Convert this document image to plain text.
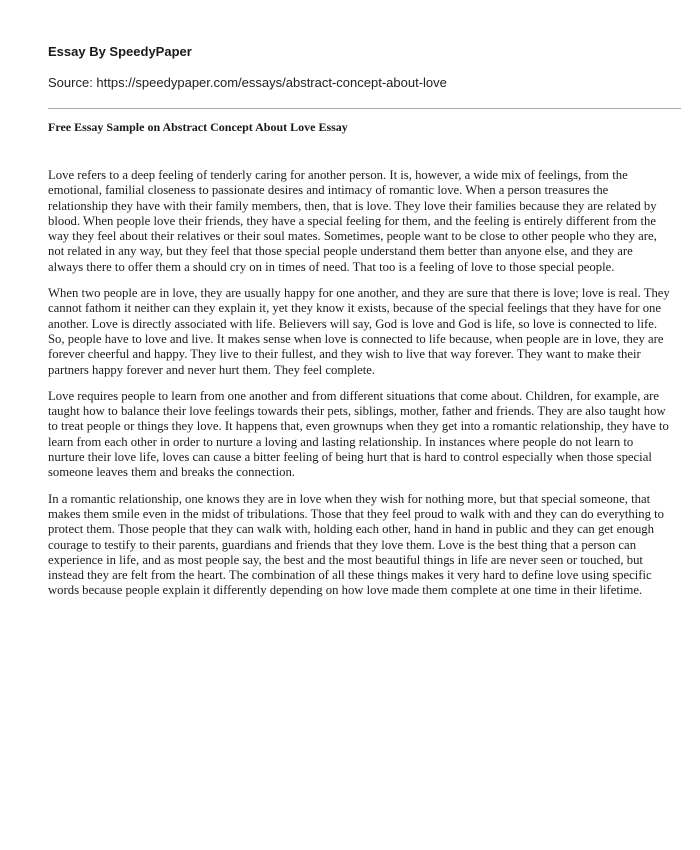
Essay By SpeedyPaper
Source: https://speedypaper.com/essays/abstract-concept-about-love
Free Essay Sample on Abstract Concept About Love Essay

Love refers to a deep feeling of tenderly caring for another person. It is, however, a wide mix of feelings, from the emotional, familial closeness to passionate desires and intimacy of romantic love. When a person treasures the relationship they have with their family members, then, that is love. They love their families because they are related by blood. When people love their friends, they have a special feeling for them, and the feeling is entirely different from the way they feel about their relatives or their soul mates. Sometimes, people want to be close to other people who they are, not related in any way, but they feel that those special people understand them better than anyone else, and they are always there to offer them a should cry on in times of need. That too is a feeling of love to those special people.

When two people are in love, they are usually happy for one another, and they are sure that there is love; love is real. They cannot fathom it neither can they explain it, yet they know it exists, because of the special feelings that they have for one another. Love is directly associated with life. Believers will say, God is love and God is life, so love is connected to life. So, people have to love and live. It makes sense when love is connected to life because, when people are in love, they are forever cheerful and happy. They live to their fullest, and they wish to live that way forever. They want to make their partners happy forever and never hurt them. They feel complete.

Love requires people to learn from one another and from different situations that come about. Children, for example, are taught how to balance their love feelings towards their pets, siblings, mother, father and friends. They are also taught how to treat people or things they love. It happens that, even grownups when they get into a romantic relationship, they have to learn from each other in order to nurture a loving and lasting relationship. In instances where people do not learn to nurture their love life, loves can cause a bitter feeling of being hurt that is hard to control especially when those special someone leaves them and breaks the connection.

In a romantic relationship, one knows they are in love when they wish for nothing more, but that special someone, that makes them smile even in the midst of tribulations. Those that they feel proud to walk with and they can do everything to protect them. Those people that they can walk with, holding each other, hand in hand in public and they can get enough courage to testify to their parents, guardians and friends that they love them. Love is the best thing that a person can experience in life, and as most people say, the best and the most beautiful things in life are never seen or touched, but instead they are felt from the heart. The combination of all these things makes it very hard to define love using specific words because people explain it differently depending on how love made them complete at one time in their lifetime.
